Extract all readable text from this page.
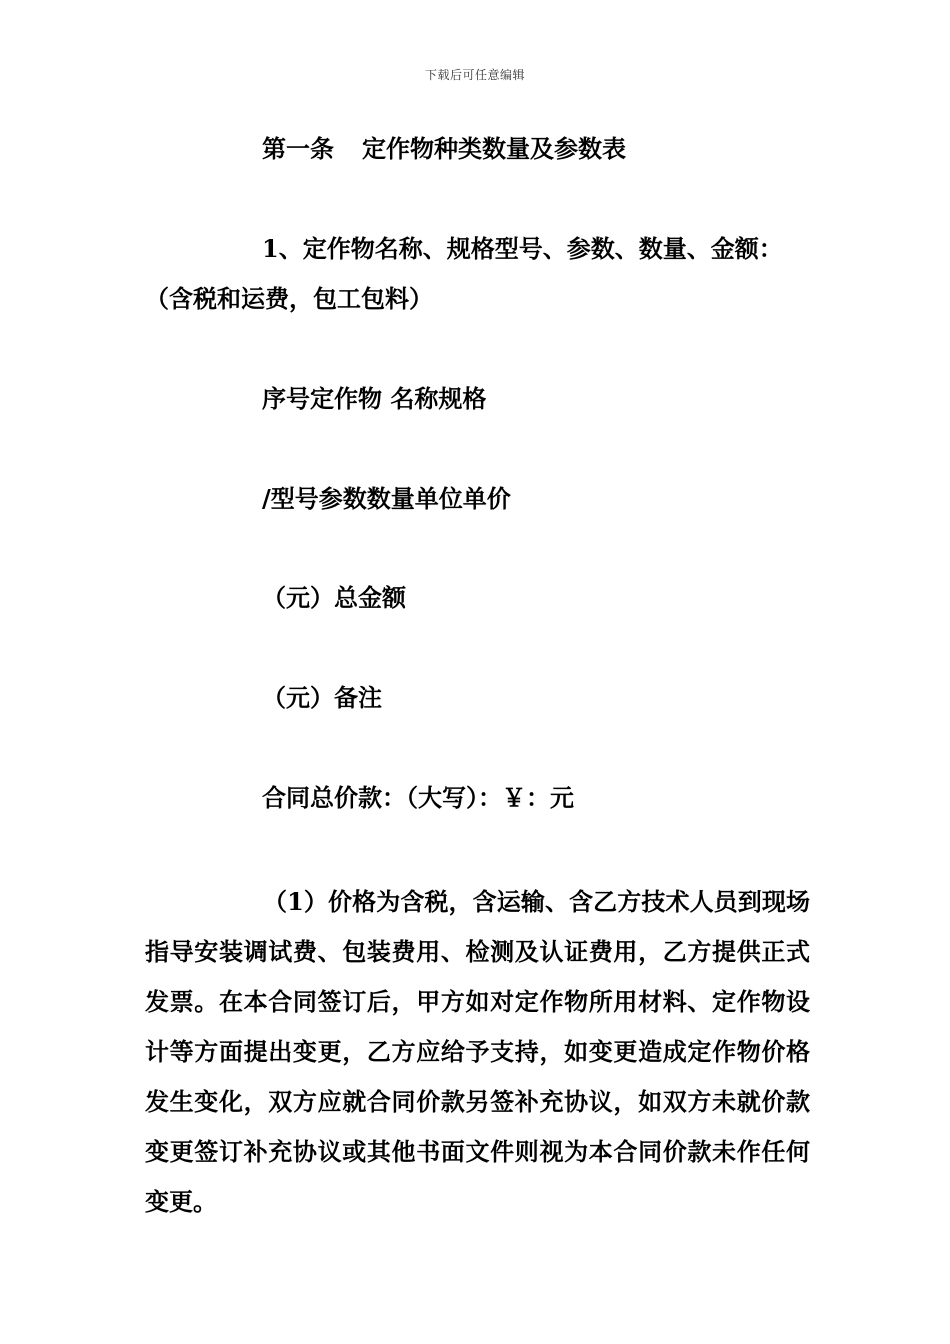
下载后可任意编辑
第一条 定作物种类数量及参数表
1、定作物名称、规格型号、参数、数量、金额：
（含税和运费，包工包料）
序号定作物 名称规格
/型号参数数量单位单价
（元）总金额
（元）备注
合同总价款：（大写）：￥：元
（1）价格为含税，含运输、含乙方技术人员到现场指导安装调试费、包装费用、检测及认证费用，乙方提供正式发票。在本合同签订后，甲方如对定作物所用材料、定作物设计等方面提出变更，乙方应给予支持，如变更造成定作物价格发生变化，双方应就合同价款另签补充协议，如双方未就价款变更签订补充协议或其他书面文件则视为本合同价款未作任何变更。
